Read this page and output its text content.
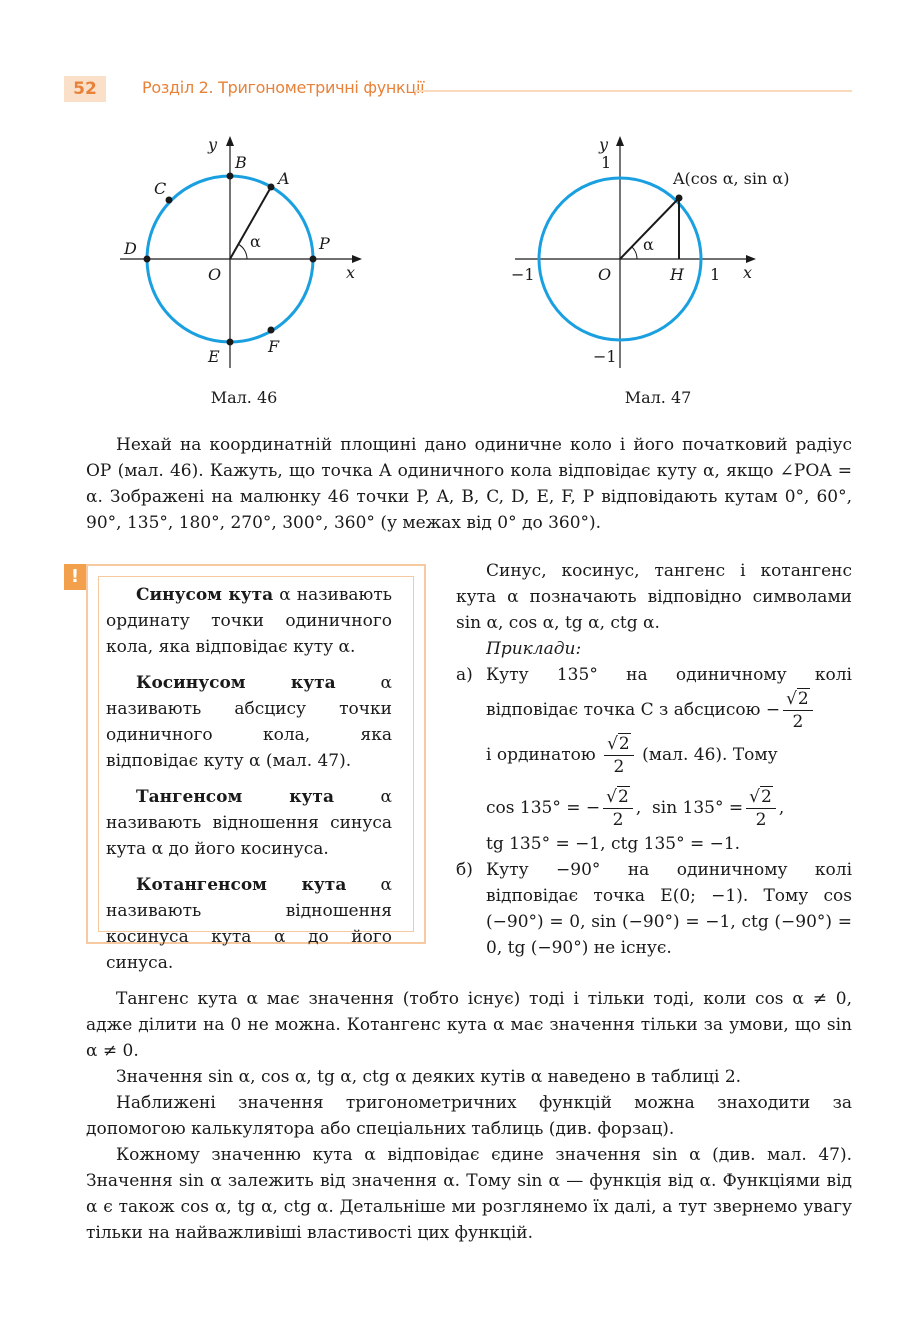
52	Розділ 2. Тригонометричні функції
y
x
O
A
B
C
D	P
E
F
α
Мал. 46
y
x
O	H
A(cos α, sin α)
1
−1
1
−1
α
Мал. 47
Нехай на координатній площині дано одиничне коло і його початковий радіус OP (мал. 46). Кажуть, що точка A одиничного кола відповідає куту α, якщо ∠POA = α. Зображені на малюнку 46 точки P, A, B, C, D, E, F, P відповідають кутам 0°, 60°, 90°, 135°, 180°, 270°, 300°, 360° (у межах від 0° до 360°).
!

Синусом кута α називають ординату точки одиничного кола, яка відповідає куту α.

Косинусом кута α називають абсцису точки одиничного кола, яка відповідає куту α (мал. 47).

Тангенсом кута α називають відношення синуса кута α до його косинуса.

Котангенсом кута α називають відношення косинуса кута α до його синуса.

Синус, косинус, тангенс і котангенс кута α позначають відповідно символами sin α, cos α, tg α, ctg α.
Приклади:
а) Куту 135° на одиничному колі відповідає точка C з абсцисою − $\frac{√2}{2}$

і ординатою $\frac{√2}{2} (мал$. 46). Тому
cos 135° = − $\frac{√2}{2}$ ,  $\sin 135^\circ = \frac{√2}{2}$ ,
tg 135° = −1, ctg 135° = −1.
б) Куту −90° на одиничному колі відповідає точка E(0; −1). Тому cos (−90°) = 0, sin (−90°) = −1, ctg (−90°) = 0, tg (−90°) не існує.
Тангенс кута α має значення (тобто існує) тоді і тільки тоді, коли cos α ≠ 0, адже ділити на 0 не можна. Котангенс кута α має значення тільки за умови, що sin α ≠ 0.
Значення sin α, cos α, tg α, ctg α деяких кутів α наведено в таблиці 2.
Наближені значення тригонометричних функцій можна знаходити за допомогою калькулятора або спеціальних таблиць (див. форзац).
Кожному значенню кута α відповідає єдине значення sin α (див. мал. 47). Значення sin α залежить від значення α. Тому sin α — функція від α. Функціями від α є також cos α, tg α, ctg α. Детальніше ми розглянемо їх далі, а тут звернемо увагу тільки на найважливіші властивості цих функцій.
